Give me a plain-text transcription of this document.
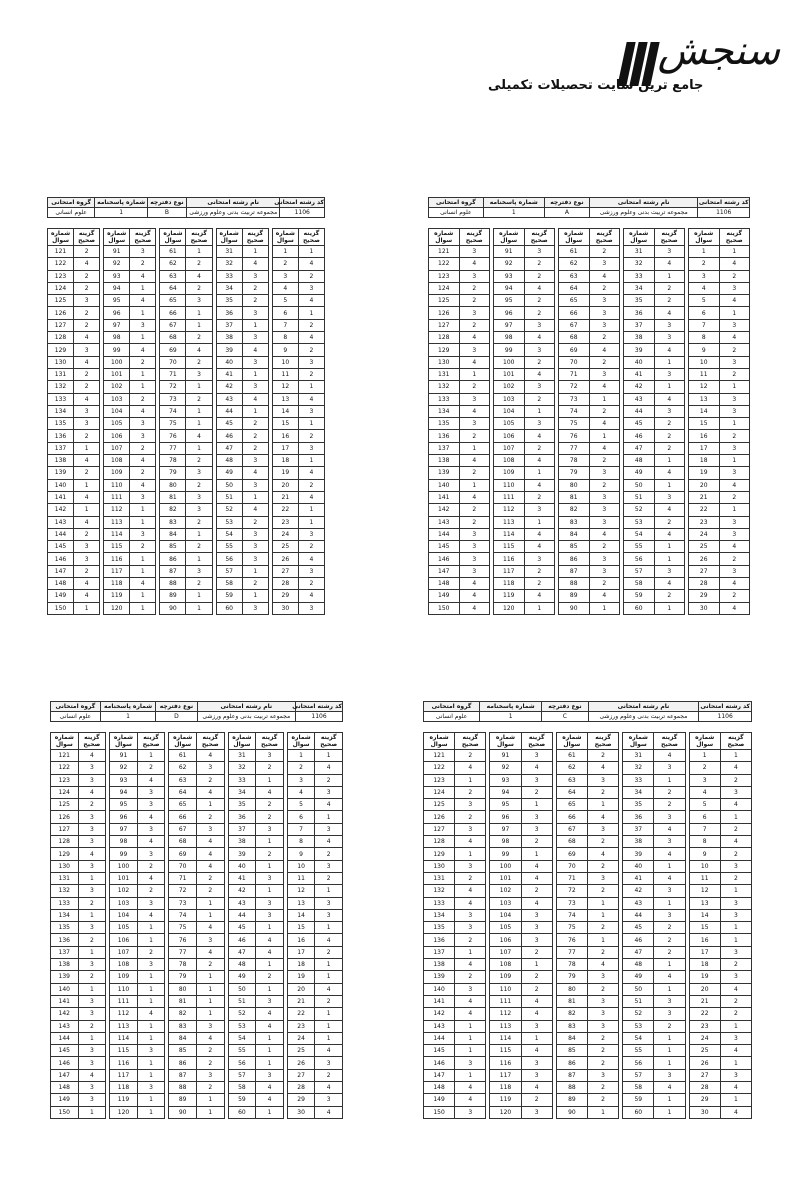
سنجش
جامع ترین سایت تحصیلات تکمیلی
کد رشته امتحانی	نام رشته امتحانی	نوع دفترچه	شماره پاسخنامه	گروه امتحانی
1106	مجموعه تربیت بدنی وعلوم ورزشی	A	1	علوم انسانی
شماره سوال	گزینه صحیح
1	1
2	4
3	2
4	3
5	4
6	1
7	3
8	4
9	2
10	3
11	2
12	1
13	3
14	3
15	1
16	2
17	3
18	1
19	3
20	4
21	2
22	1
23	3
24	3
25	4
26	2
27	3
28	4
29	2
30	4
شماره سوال	گزینه صحیح
31	3
32	4
33	1
34	2
35	2
36	4
37	3
38	3
39	4
40	1
41	3
42	1
43	4
44	3
45	2
46	2
47	2
48	1
49	4
50	1
51	3
52	4
53	2
54	4
55	1
56	1
57	3
58	4
59	2
60	1
شماره سوال	گزینه صحیح
61	2
62	3
63	4
64	2
65	3
66	3
67	3
68	2
69	4
70	2
71	3
72	4
73	1
74	2
75	4
76	1
77	4
78	2
79	3
80	2
81	3
82	3
83	3
84	4
85	2
86	3
87	3
88	2
89	4
90	1
شماره سوال	گزینه صحیح
91	3
92	2
93	2
94	4
95	2
96	2
97	3
98	4
99	3
100	2
101	4
102	3
103	2
104	1
105	3
106	4
107	2
108	4
109	1
110	4
111	2
112	3
113	1
114	4
115	4
116	3
117	2
118	2
119	4
120	1
شماره سوال	گزینه صحیح
121	3
122	4
123	3
124	2
125	2
126	3
127	2
128	4
129	3
130	4
131	1
132	2
133	3
134	4
135	3
136	2
137	1
138	4
139	2
140	1
141	4
142	2
143	2
144	3
145	3
146	3
147	3
148	4
149	4
150	4
کد رشته امتحانی	نام رشته امتحانی	نوع دفترچه	شماره پاسخنامه	گروه امتحانی
1106	مجموعه تربیت بدنی وعلوم ورزشی	B	1	علوم انسانی
شماره سوال	گزینه صحیح
1	1
2	4
3	2
4	3
5	4
6	1
7	2
8	4
9	2
10	3
11	2
12	1
13	4
14	3
15	1
16	2
17	3
18	1
19	4
20	2
21	4
22	1
23	1
24	3
25	2
26	4
27	3
28	2
29	4
30	3
شماره سوال	گزینه صحیح
31	1
32	4
33	3
34	2
35	2
36	3
37	1
38	3
39	4
40	3
41	1
42	3
43	4
44	1
45	2
46	2
47	2
48	3
49	4
50	3
51	1
52	4
53	2
54	3
55	3
56	3
57	1
58	2
59	1
60	3
شماره سوال	گزینه صحیح
61	1
62	2
63	4
64	2
65	3
66	1
67	1
68	2
69	4
70	2
71	3
72	1
73	2
74	1
75	1
76	4
77	1
78	2
79	3
80	2
81	3
82	3
83	2
84	1
85	2
86	1
87	3
88	2
89	1
90	1
شماره سوال	گزینه صحیح
91	3
92	2
93	4
94	1
95	4
96	1
97	3
98	1
99	4
100	2
101	1
102	1
103	2
104	4
105	3
106	3
107	2
108	4
109	2
110	4
111	3
112	1
113	1
114	3
115	2
116	1
117	1
118	4
119	1
120	1
شماره سوال	گزینه صحیح
121	2
122	4
123	2
124	2
125	3
126	2
127	2
128	4
129	3
130	4
131	2
132	2
133	4
134	3
135	3
136	2
137	1
138	4
139	2
140	1
141	4
142	1
143	4
144	2
145	3
146	3
147	2
148	4
149	4
150	1
کد رشته امتحانی	نام رشته امتحانی	نوع دفترچه	شماره پاسخنامه	گروه امتحانی
1106	مجموعه تربیت بدنی وعلوم ورزشی	C	1	علوم انسانی
شماره سوال	گزینه صحیح
1	1
2	4
3	2
4	3
5	4
6	1
7	2
8	4
9	2
10	3
11	2
12	1
13	3
14	3
15	1
16	1
17	3
18	2
19	3
20	4
21	2
22	2
23	1
24	3
25	4
26	1
27	3
28	4
29	1
30	4
شماره سوال	گزینه صحیح
31	4
32	3
33	1
34	2
35	2
36	3
37	4
38	3
39	4
40	1
41	4
42	3
43	1
44	3
45	2
46	2
47	2
48	1
49	4
50	1
51	3
52	3
53	2
54	1
55	1
56	1
57	3
58	4
59	1
60	1
شماره سوال	گزینه صحیح
61	2
62	4
63	3
64	2
65	1
66	4
67	3
68	2
69	4
70	2
71	3
72	2
73	1
74	1
75	2
76	1
77	2
78	4
79	3
80	2
81	3
82	3
83	3
84	2
85	2
86	2
87	3
88	2
89	2
90	1
شماره سوال	گزینه صحیح
91	3
92	4
93	3
94	2
95	1
96	3
97	3
98	2
99	1
100	4
101	4
102	2
103	4
104	3
105	3
106	3
107	2
108	1
109	2
110	2
111	4
112	4
113	3
114	1
115	4
116	3
117	3
118	4
119	2
120	3
شماره سوال	گزینه صحیح
121	2
122	4
123	1
124	2
125	3
126	2
127	3
128	4
129	1
130	3
131	2
132	4
133	4
134	3
135	3
136	2
137	1
138	4
139	2
140	3
141	4
142	4
143	1
144	1
145	1
146	3
147	1
148	4
149	4
150	3
کد رشته امتحانی	نام رشته امتحانی	نوع دفترچه	شماره پاسخنامه	گروه امتحانی
1106	مجموعه تربیت بدنی وعلوم ورزشی	D	1	علوم انسانی
شماره سوال	گزینه صحیح
1	1
2	4
3	2
4	3
5	4
6	1
7	3
8	4
9	2
10	3
11	2
12	1
13	3
14	3
15	1
16	4
17	2
18	1
19	1
20	4
21	2
22	1
23	1
24	1
25	4
26	3
27	2
28	4
29	3
30	4
شماره سوال	گزینه صحیح
31	3
32	2
33	1
34	4
35	2
36	2
37	3
38	1
39	2
40	1
41	3
42	1
43	3
44	3
45	1
46	4
47	4
48	1
49	2
50	1
51	3
52	4
53	4
54	1
55	1
56	1
57	3
58	4
59	4
60	1
شماره سوال	گزینه صحیح
61	4
62	3
63	2
64	4
65	1
66	2
67	3
68	4
69	4
70	4
71	2
72	2
73	1
74	1
75	4
76	3
77	4
78	2
79	1
80	1
81	1
82	1
83	3
84	4
85	2
86	2
87	3
88	2
89	1
90	1
شماره سوال	گزینه صحیح
91	1
92	2
93	4
94	3
95	3
96	4
97	3
98	4
99	3
100	2
101	4
102	2
103	3
104	4
105	1
106	1
107	2
108	3
109	1
110	1
111	1
112	4
113	1
114	1
115	3
116	1
117	1
118	3
119	1
120	1
شماره سوال	گزینه صحیح
121	4
122	3
123	3
124	4
125	2
126	3
127	3
128	3
129	4
130	3
131	1
132	3
133	2
134	1
135	3
136	2
137	1
138	3
139	2
140	1
141	3
142	3
143	2
144	1
145	3
146	3
147	4
148	3
149	3
150	1
